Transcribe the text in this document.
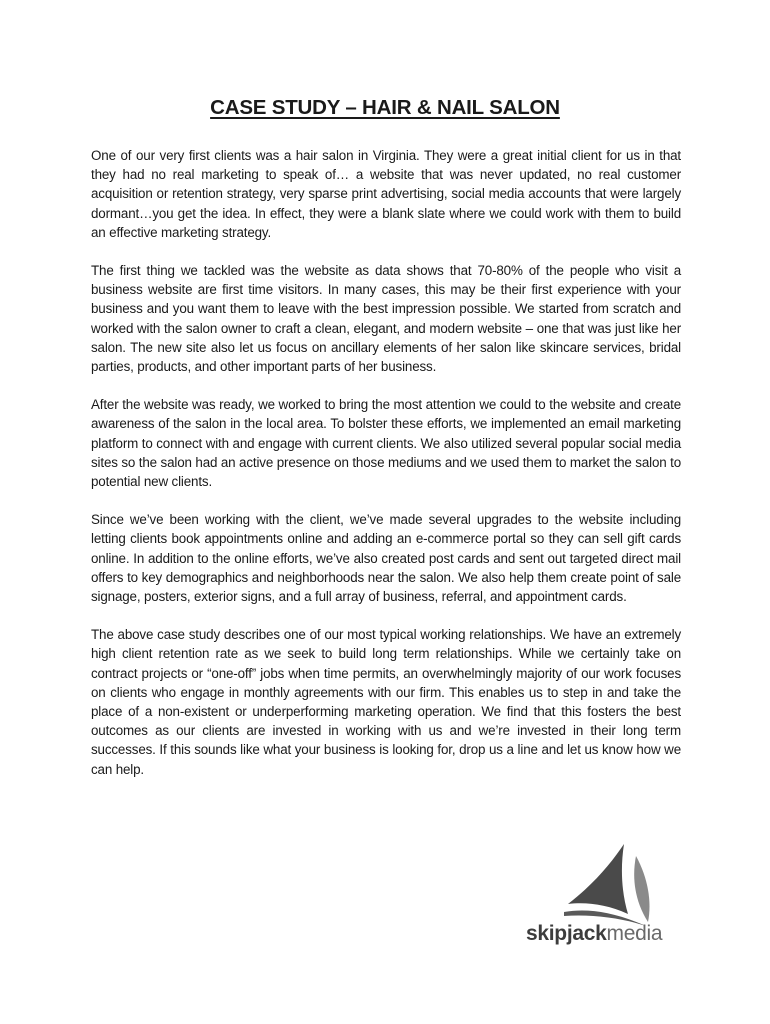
CASE STUDY – HAIR & NAIL SALON

One of our very first clients was a hair salon in Virginia. They were a great initial client for us in that they had no real marketing to speak of… a website that was never updated, no real customer acquisition or retention strategy, very sparse print advertising, social media accounts that were largely dormant…you get the idea. In effect, they were a blank slate where we could work with them to build an effective marketing strategy.

The first thing we tackled was the website as data shows that 70-80% of the people who visit a business website are first time visitors. In many cases, this may be their first experience with your business and you want them to leave with the best impression possible. We started from scratch and worked with the salon owner to craft a clean, elegant, and modern website – one that was just like her salon. The new site also let us focus on ancillary elements of her salon like skincare services, bridal parties, products, and other important parts of her business.

After the website was ready, we worked to bring the most attention we could to the website and create awareness of the salon in the local area. To bolster these efforts, we implemented an email marketing platform to connect with and engage with current clients. We also utilized several popular social media sites so the salon had an active presence on those mediums and we used them to market the salon to potential new clients.

Since we’ve been working with the client, we’ve made several upgrades to the website including letting clients book appointments online and adding an e-commerce portal so they can sell gift cards online. In addition to the online efforts, we’ve also created post cards and sent out targeted direct mail offers to key demographics and neighborhoods near the salon. We also help them create point of sale signage, posters, exterior signs, and a full array of business, referral, and appointment cards.

The above case study describes one of our most typical working relationships. We have an extremely high client retention rate as we seek to build long term relationships. While we certainly take on contract projects or “one-off” jobs when time permits, an overwhelmingly majority of our work focuses on clients who engage in monthly agreements with our firm. This enables us to step in and take the place of a non-existent or underperforming marketing operation. We find that this fosters the best outcomes as our clients are invested in working with us and we’re invested in their long term successes. If this sounds like what your business is looking for, drop us a line and let us know how we can help.

skipjackmedia
